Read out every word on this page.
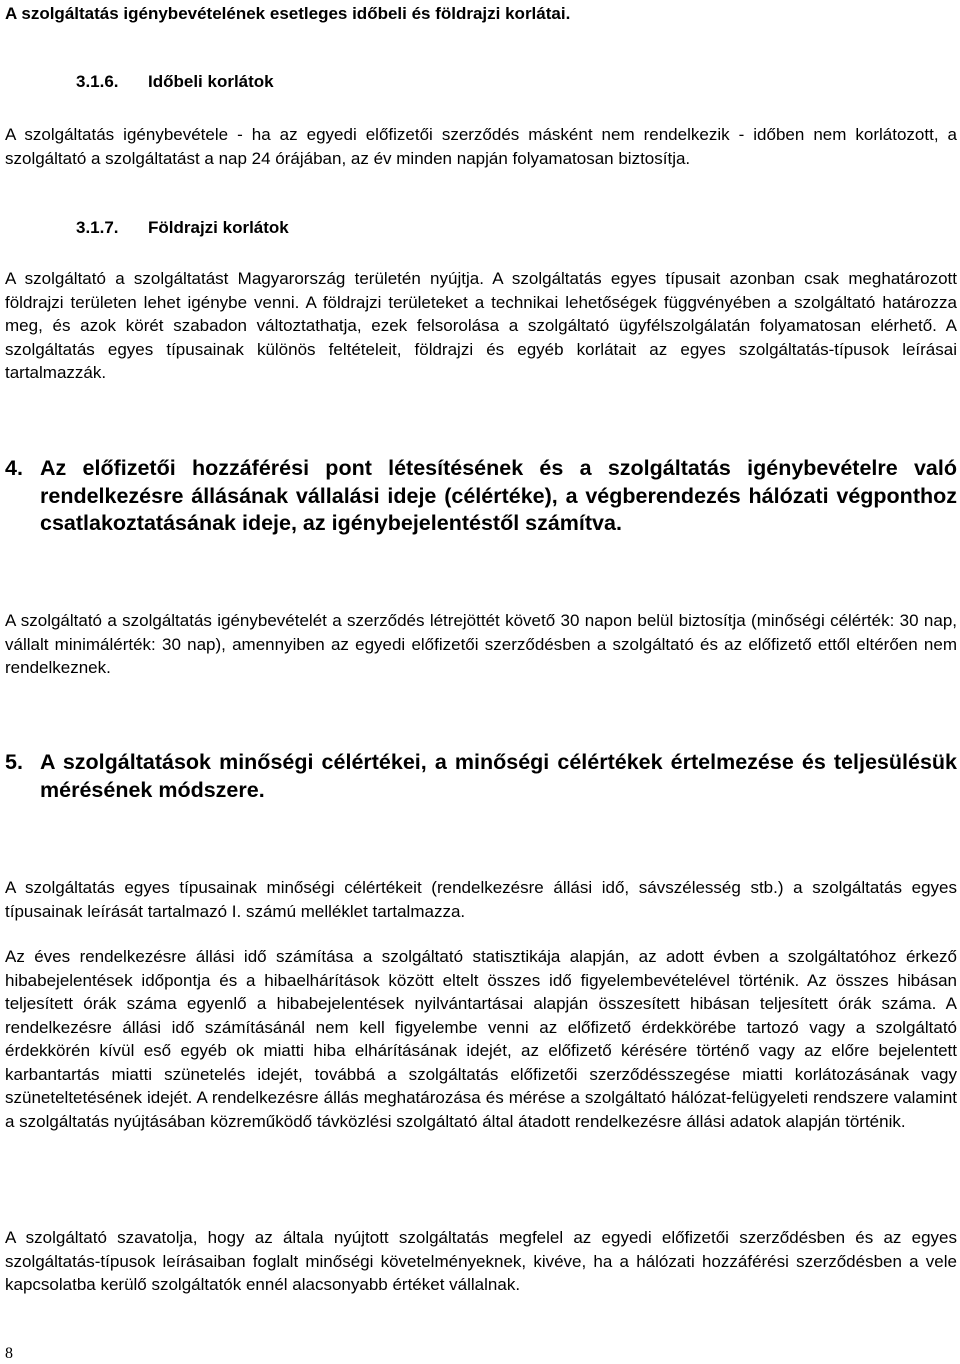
A szolgáltatás igénybevételének esetleges időbeli és földrajzi korlátai.
3.1.6. Időbeli korlátok

A szolgáltatás igénybevétele - ha az egyedi előfizetői szerződés másként nem rendelkezik - időben nem korlátozott, a szolgáltató a szolgáltatást a nap 24 órájában, az év minden napján folyamatosan biztosítja.

3.1.7. Földrajzi korlátok

A szolgáltató a szolgáltatást Magyarország területén nyújtja. A szolgáltatás egyes típusait azonban csak meghatározott földrajzi területen lehet igénybe venni. A földrajzi területeket a technikai lehetőségek függvényében a szolgáltató határozza meg, és azok körét szabadon változtathatja, ezek felsorolása a szolgáltató ügyfélszolgálatán folyamatosan elérhető. A szolgáltatás egyes típusainak különös feltételeit, földrajzi és egyéb korlátait az egyes szolgáltatás-típusok leírásai tartalmazzák.

4. Az előfizetői hozzáférési pont létesítésének és a szolgáltatás igénybevételre való rendelkezésre állásának vállalási ideje (célértéke), a végberendezés hálózati végponthoz csatlakoztatásának ideje, az igénybejelentéstől számítva.

A szolgáltató a szolgáltatás igénybevételét a szerződés létrejöttét követő 30 napon belül biztosítja (minőségi célérték: 30 nap, vállalt minimálérték: 30 nap), amennyiben az egyedi előfizetői szerződésben a szolgáltató és az előfizető ettől eltérően nem rendelkeznek.

5. A szolgáltatások minőségi célértékei, a minőségi célértékek értelmezése és teljesülésük mérésének módszere.

A szolgáltatás egyes típusainak minőségi célértékeit (rendelkezésre állási idő, sávszélesség stb.) a szolgáltatás egyes típusainak leírását tartalmazó I. számú melléklet tartalmazza.

Az éves rendelkezésre állási idő számítása a szolgáltató statisztikája alapján, az adott évben a szolgáltatóhoz érkező hibabejelentések időpontja és a hibaelhárítások között eltelt összes idő figyelembevételével történik. Az összes hibásan teljesített órák száma egyenlő a hibabejelentések nyilvántartásai alapján összesített hibásan teljesített órák száma. A rendelkezésre állási idő számításánál nem kell figyelembe venni az előfizető érdekkörébe tartozó vagy a szolgáltató érdekkörén kívül eső egyéb ok miatti hiba elhárításának idejét, az előfizető kérésére történő vagy az előre bejelentett karbantartás miatti szünetelés idejét, továbbá a szolgáltatás előfizetői szerződésszegése miatti korlátozásának vagy szüneteltetésének idejét. A rendelkezésre állás meghatározása és mérése a szolgáltató hálózat-felügyeleti rendszere valamint a szolgáltatás nyújtásában közreműködő távközlési szolgáltató által átadott rendelkezésre állási adatok alapján történik.

A szolgáltató szavatolja, hogy az általa nyújtott szolgáltatás megfelel az egyedi előfizetői szerződésben és az egyes szolgáltatás-típusok leírásaiban foglalt minőségi követelményeknek, kivéve, ha a hálózati hozzáférési szerződésben a vele kapcsolatba kerülő szolgáltatók ennél alacsonyabb értéket vállalnak.

8
